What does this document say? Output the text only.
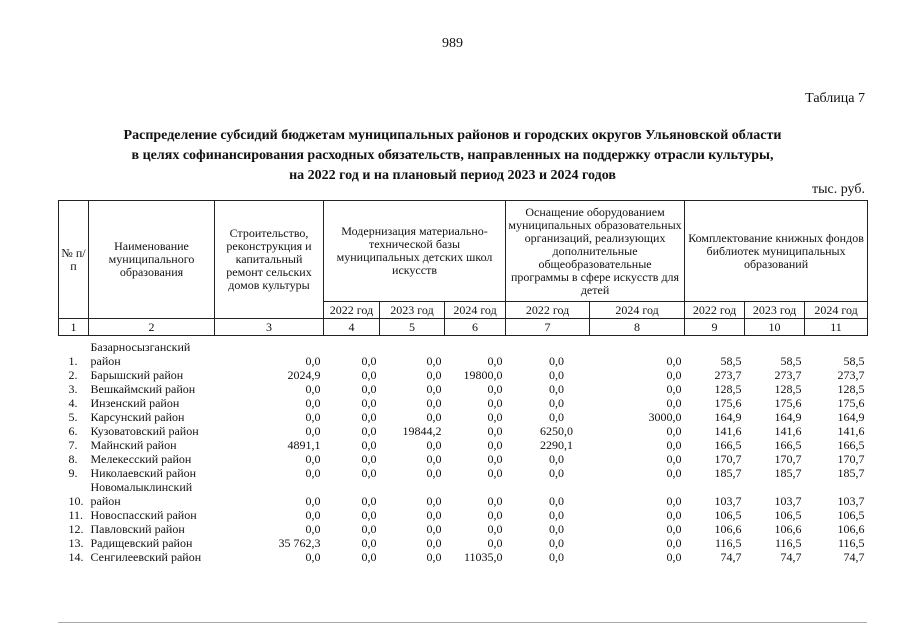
989
Таблица 7
Распределение субсидий бюджетам муниципальных районов и городских округов Ульяновской области
в целях софинансирования расходных обязательств, направленных на поддержку отрасли культуры,
на 2022 год и на плановый период 2023 и 2024 годов
тыс. руб.
№ п/п	Наименование муниципального образования	Строительство, реконструкция и капитальный ремонт сельских домов культуры	Модернизация материально-технической базы муниципальных детских школ искусств			Оснащение оборудованием муниципальных образовательных организаций, реализующих дополнительные общеобразовательные программы в сфере искусств для детей		Комплектование книжных фондов библиотек муниципальных образований		
			2022 год	2023 год	2024 год	2022 год	2024 год	2022 год	2023 год	2024 год
1	2	3	4	5	6	7	8	9	10	11
1.	Базарносызганский район	0,0	0,0	0,0	0,0	0,0	0,0	58,5	58,5	58,5
2.	Барышский район	2024,9	0,0	0,0	19800,0	0,0	0,0	273,7	273,7	273,7
3.	Вешкаймский район	0,0	0,0	0,0	0,0	0,0	0,0	128,5	128,5	128,5
4.	Инзенский район	0,0	0,0	0,0	0,0	0,0	0,0	175,6	175,6	175,6
5.	Карсунский район	0,0	0,0	0,0	0,0	0,0	3000,0	164,9	164,9	164,9
6.	Кузоватовский район	0,0	0,0	19844,2	0,0	6250,0	0,0	141,6	141,6	141,6
7.	Майнский район	4891,1	0,0	0,0	0,0	2290,1	0,0	166,5	166,5	166,5
8.	Мелекесский район	0,0	0,0	0,0	0,0	0,0	0,0	170,7	170,7	170,7
9.	Николаевский район	0,0	0,0	0,0	0,0	0,0	0,0	185,7	185,7	185,7
10.	Новомалыклинский район	0,0	0,0	0,0	0,0	0,0	0,0	103,7	103,7	103,7
11.	Новоспасский район	0,0	0,0	0,0	0,0	0,0	0,0	106,5	106,5	106,5
12.	Павловский район	0,0	0,0	0,0	0,0	0,0	0,0	106,6	106,6	106,6
13.	Радищевский район	35 762,3	0,0	0,0	0,0	0,0	0,0	116,5	116,5	116,5
14.	Сенгилеевский район	0,0	0,0	0,0	11035,0	0,0	0,0	74,7	74,7	74,7
